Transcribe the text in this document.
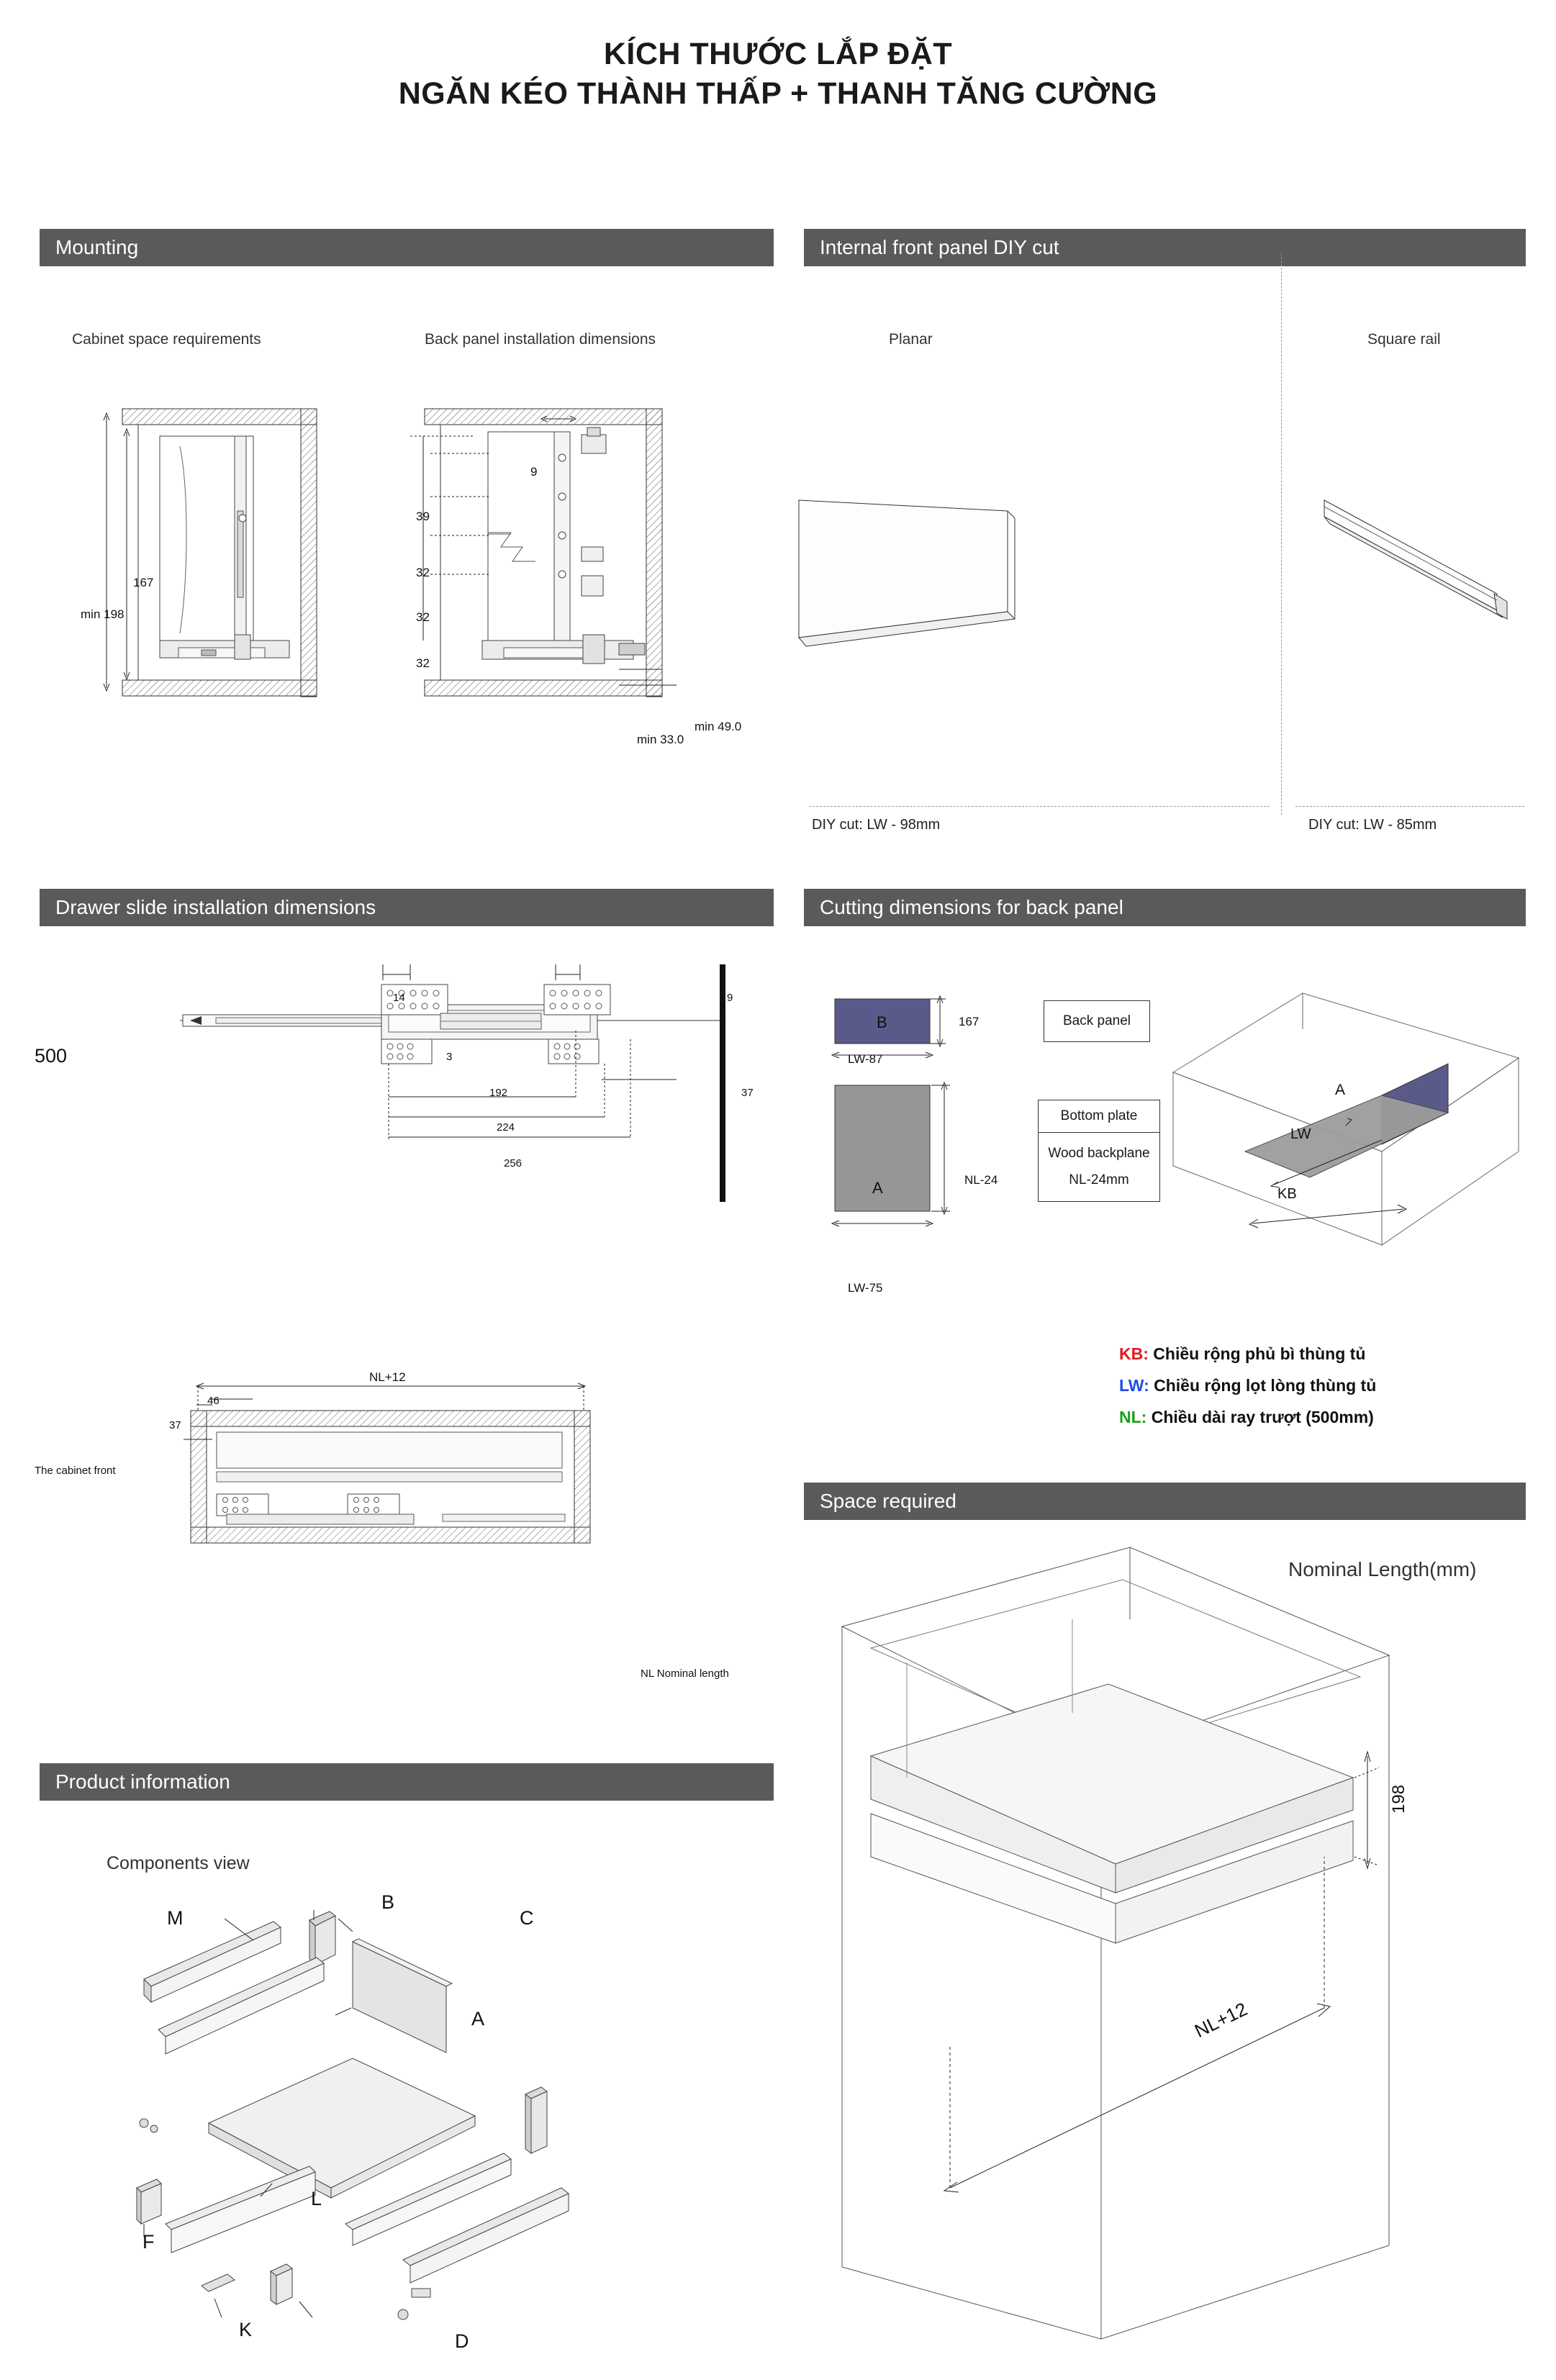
KÍCH THƯỚC LẮP ĐẶT
NGĂN KÉO THÀNH THẤP + THANH TĂNG CƯỜNG
Mounting	Internal front panel DIY cut
Drawer slide installation dimensions	Cutting dimensions for back panel
Space required
Product information
Cabinet space requirements	Back panel installation dimensions
167
min 198
9
39
32
32
32
min 33.0
min 49.0
Planar	Square rail
DIY cut: LW - 98mm	DIY cut: LW - 85mm
500
14	9
3
192	37
224
256
46
37
NL+12
The cabinet front
NL Nominal length
B	167
LW-87
A	NL-24
LW-75
Back panel
Bottom plate
Wood backplane
NL-24mm
B
A
LW
KB
KB: Chiều rộng phủ bì thùng tủ
LW: Chiều rộng lọt lòng thùng tủ
NL: Chiều dài ray trượt (500mm)
Nominal Length(mm)
198
NL+12
Components view
M
B
C
A
L
F
K
D
